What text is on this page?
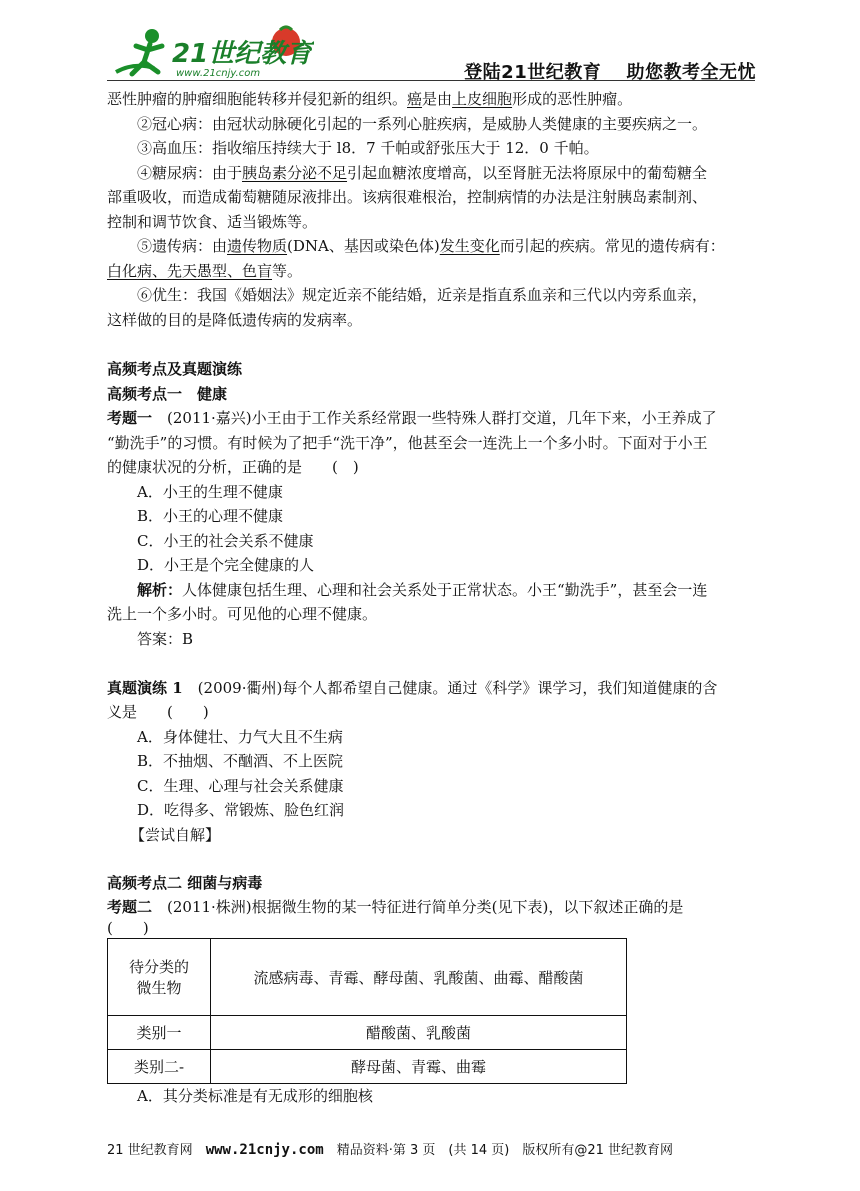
21世纪教育
www.21cnjy.com	登陆21世纪教育　 助您教考全无忧
恶性肿瘤的肿瘤细胞能转移并侵犯新的组织。癌是由上皮细胞形成的恶性肿瘤。
②冠心病：由冠状动脉硬化引起的一系列心脏疾病，是威胁人类健康的主要疾病之一。
③高血压：指收缩压持续大于 l8．7 千帕或舒张压大于 12．0 千帕。
④糖尿病：由于胰岛素分泌不足引起血糖浓度增高，以至肾脏无法将原尿中的葡萄糖全
部重吸收，而造成葡萄糖随尿液排出。该病很难根治，控制病情的办法是注射胰岛素制剂、
控制和调节饮食、适当锻炼等。
⑤遗传病：由遗传物质(DNA、基因或染色体)发生变化而引起的疾病。常见的遗传病有：
白化病、先天愚型、色盲等。
⑥优生：我国《婚姻法》规定近亲不能结婚，近亲是指直系血亲和三代以内旁系血亲，
这样做的目的是降低遗传病的发病率。
高频考点及真题演练
高频考点一　健康
考题一　(2011·嘉兴)小王由于工作关系经常跟一些特殊人群打交道，几年下来，小王养成了
“勤洗手”的习惯。有时候为了把手“洗干净”，他甚至会一连洗上一个多小时。下面对于小王
的健康状况的分析，正确的是　　(　)
A．小王的生理不健康
B．小王的心理不健康
C．小王的社会关系不健康
D．小王是个完全健康的人
解析：人体健康包括生理、心理和社会关系处于正常状态。小王“勤洗手”，甚至会一连
洗上一个多小时。可见他的心理不健康。
答案：B
真题演练 1　(2009·衢州)每个人都希望自己健康。通过《科学》课学习，我们知道健康的含
义是　　(　　)
A．身体健壮、力气大且不生病
B．不抽烟、不酗酒、不上医院
C．生理、心理与社会关系健康
D．吃得多、常锻炼、脸色红润
【尝试自解】
高频考点二 细菌与病毒
考题二　(2011·株洲)根据微生物的某一特征进行简单分类(见下表)，以下叙述正确的是
(　　)
待分类的
微生物	流感病毒、青霉、酵母菌、乳酸菌、曲霉、醋酸菌
类别一	醋酸菌、乳酸菌
类别二-	酵母菌、青霉、曲霉
A．其分类标准是有无成形的细胞核
21 世纪教育网　www.21cnjy.com　精品资料·第 3 页　(共 14 页)　版权所有@21 世纪教育网
